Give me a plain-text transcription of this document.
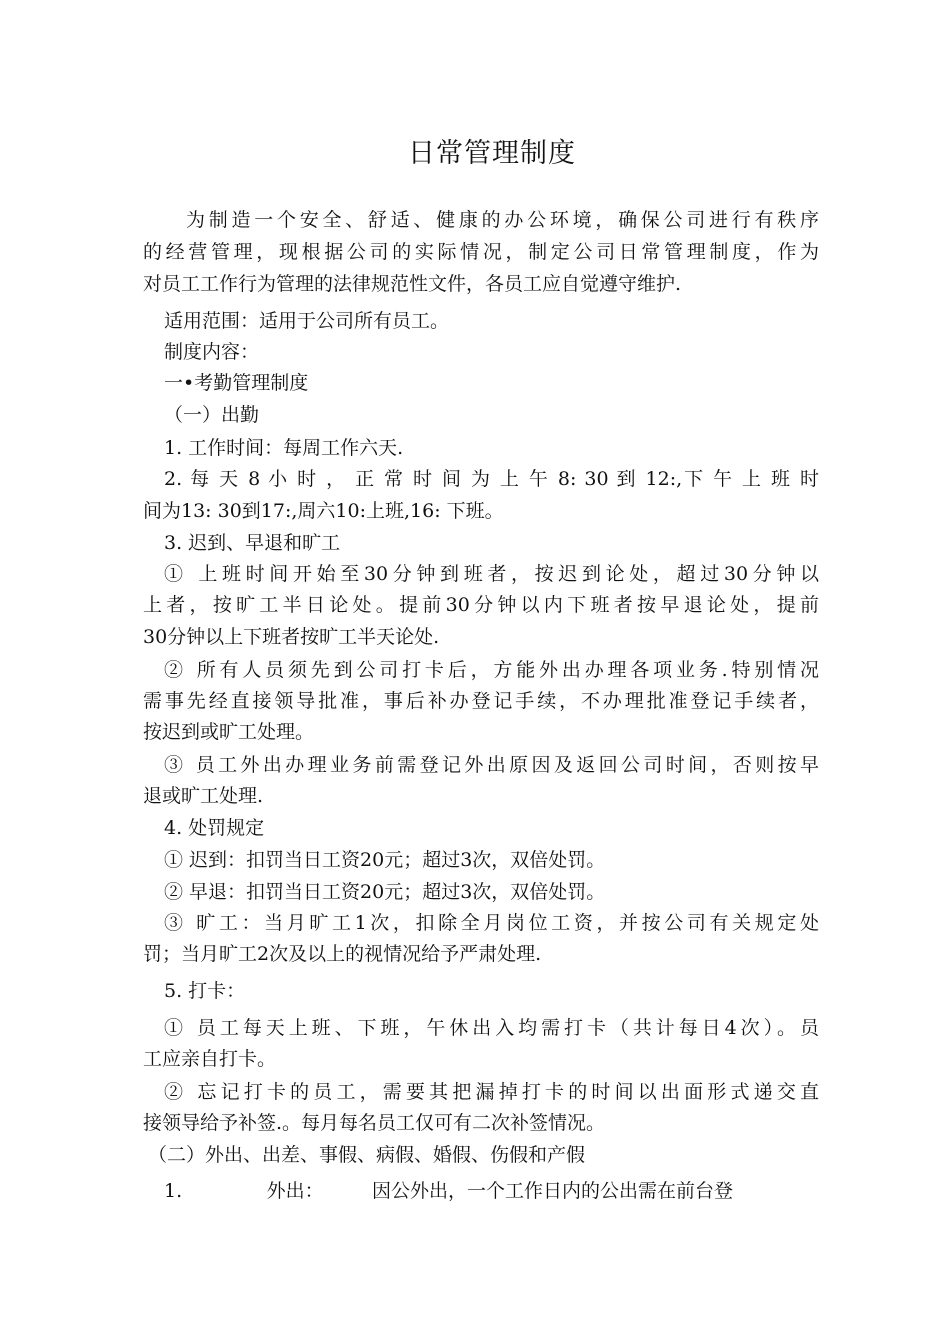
日常管理制度
为制造一个安全、舒适、健康的办公环境，确保公司进行有秩序
的经营管理，现根据公司的实际情况，制定公司日常管理制度，作为
对员工工作行为管理的法律规范性文件，各员工应自觉遵守维护.
适用范围：适用于公司所有员工。
制度内容：
一•考勤管理制度
（一）出勤
1. 工作时间：每周工作六天.
2. 每 天 8 小 时 ， 正 常 时 间 为 上 午 8: 30 到 12:,下 午 上 班 时
间为13: 30到17:,周六10:上班,16: 下班。
3. 迟到、早退和旷工
① 上班时间开始至30分钟到班者，按迟到论处，超过30分钟以
上者，按旷工半日论处。提前30分钟以内下班者按早退论处，提前
30分钟以上下班者按旷工半天论处.
② 所有人员须先到公司打卡后，方能外出办理各项业务.特别情况
需事先经直接领导批准，事后补办登记手续，不办理批准登记手续者，
按迟到或旷工处理。
③ 员工外出办理业务前需登记外出原因及返回公司时间，否则按早
退或旷工处理.
4. 处罚规定
① 迟到：扣罚当日工资20元；超过3次，双倍处罚。
② 早退：扣罚当日工资20元；超过3次，双倍处罚。
③ 旷工：当月旷工1次，扣除全月岗位工资，并按公司有关规定处
罚；当月旷工2次及以上的视情况给予严肃处理.
5. 打卡：
① 员工每天上班、下班，午休出入均需打卡（共计每日4次）。员
工应亲自打卡。
② 忘记打卡的员工，需要其把漏掉打卡的时间以出面形式递交直
接领导给予补签.。每月每名员工仅可有二次补签情况。
（二）外出、出差、事假、病假、婚假、伤假和产假
1.              外出：        因公外出，一个工作日内的公出需在前台登
